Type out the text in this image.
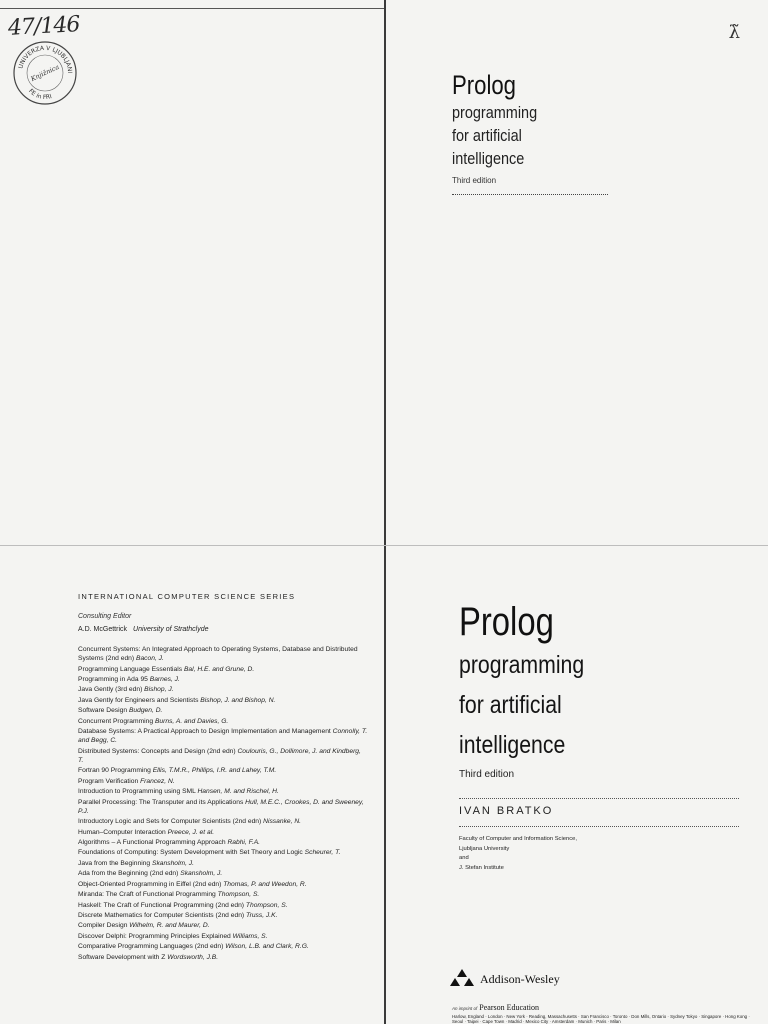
47/146
UNIVERZA V LJUBLJANI
FE in FRI
Knjižnica
λ̃
Prolog
programming
for artificial
intelligence
Third edition
INTERNATIONAL COMPUTER SCIENCE SERIES
Consulting Editor
A.D. McGettrick University of Strathclyde
Concurrent Systems: An Integrated Approach to Operating Systems, Database and Distributed Systems (2nd edn) Bacon, J.
Programming Language Essentials Bal, H.E. and Grune, D.
Programming in Ada 95 Barnes, J.
Java Gently (3rd edn) Bishop, J.
Java Gently for Engineers and Scientists Bishop, J. and Bishop, N.
Software Design Budgen, D.
Concurrent Programming Burns, A. and Davies, G.
Database Systems: A Practical Approach to Design Implementation and Management Connolly, T. and Begg, C.
Distributed Systems: Concepts and Design (2nd edn) Coulouris, G., Dollimore, J. and Kindberg, T.
Fortran 90 Programming Ellis, T.M.R., Phillips, I.R. and Lahey, T.M.
Program Verification Francez, N.
Introduction to Programming using SML Hansen, M. and Rischel, H.
Parallel Processing: The Transputer and its Applications Hull, M.E.C., Crookes, D. and Sweeney, P.J.
Introductory Logic and Sets for Computer Scientists (2nd edn) Nissanke, N.
Human–Computer Interaction Preece, J. et al.
Algorithms – A Functional Programming Approach Rabhi, F.A.
Foundations of Computing: System Development with Set Theory and Logic Scheurer, T.
Java from the Beginning Skansholm, J.
Ada from the Beginning (2nd edn) Skansholm, J.
Object-Oriented Programming in Eiffel (2nd edn) Thomas, P. and Weedon, R.
Miranda: The Craft of Functional Programming Thompson, S.
Haskell: The Craft of Functional Programming (2nd edn) Thompson, S.
Discrete Mathematics for Computer Scientists (2nd edn) Truss, J.K.
Compiler Design Wilhelm, R. and Maurer, D.
Discover Delphi: Programming Principles Explained Williams, S.
Comparative Programming Languages (2nd edn) Wilson, L.B. and Clark, R.G.
Software Development with Z Wordsworth, J.B.
Prolog
programming
for artificial
intelligence
Third edition
IVAN BRATKO
Faculty of Computer and Information Science,
Ljubljana University
and
J. Stefan Institute
Addison-Wesley
An imprint of Pearson Education
Harlow, England · London · New York · Reading, Massachusetts · San Francisco · Toronto · Don Mills, Ontario · Sydney Tokyo · Singapore · Hong Kong · Seoul · Taipei · Cape Town · Madrid · Mexico City · Amsterdam · Munich · Paris · Milan
